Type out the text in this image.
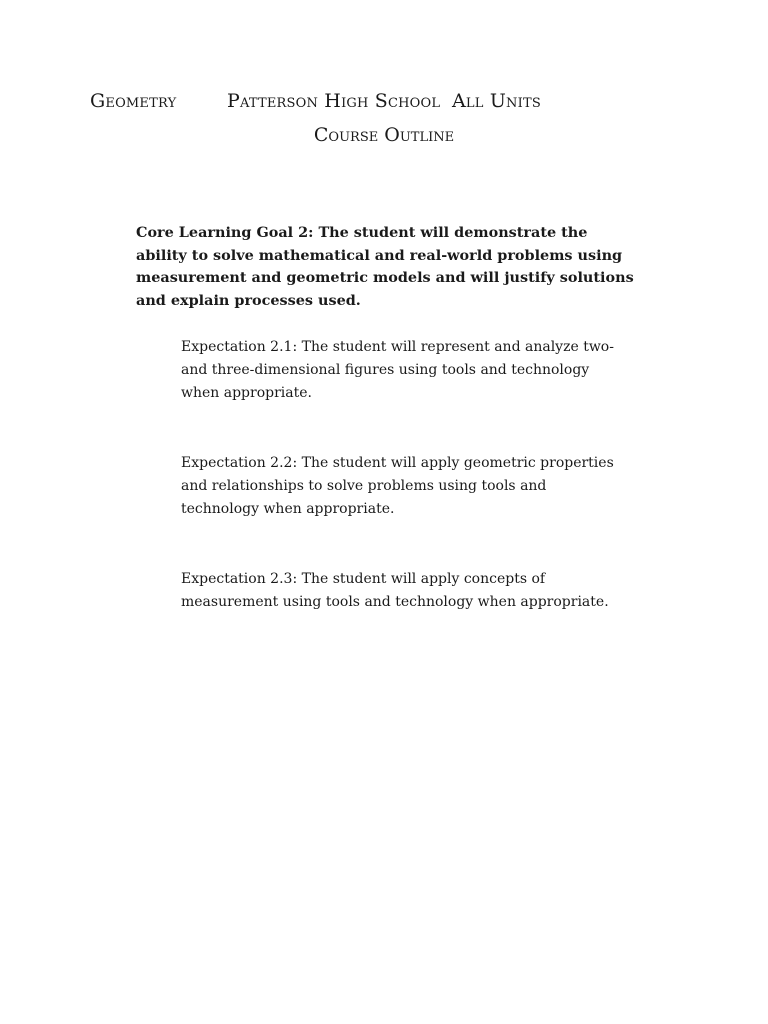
Geometry	Patterson High School All Units
Course Outline
Core Learning Goal 2: The student will demonstrate the ability to solve mathematical and real-world problems using measurement and geometric models and will justify solutions and explain processes used.
Expectation 2.1: The student will represent and analyze two- and three-dimensional figures using tools and technology when appropriate.
Expectation 2.2: The student will apply geometric properties and relationships to solve problems using tools and technology when appropriate.
Expectation 2.3: The student will apply concepts of measurement using tools and technology when appropriate.
